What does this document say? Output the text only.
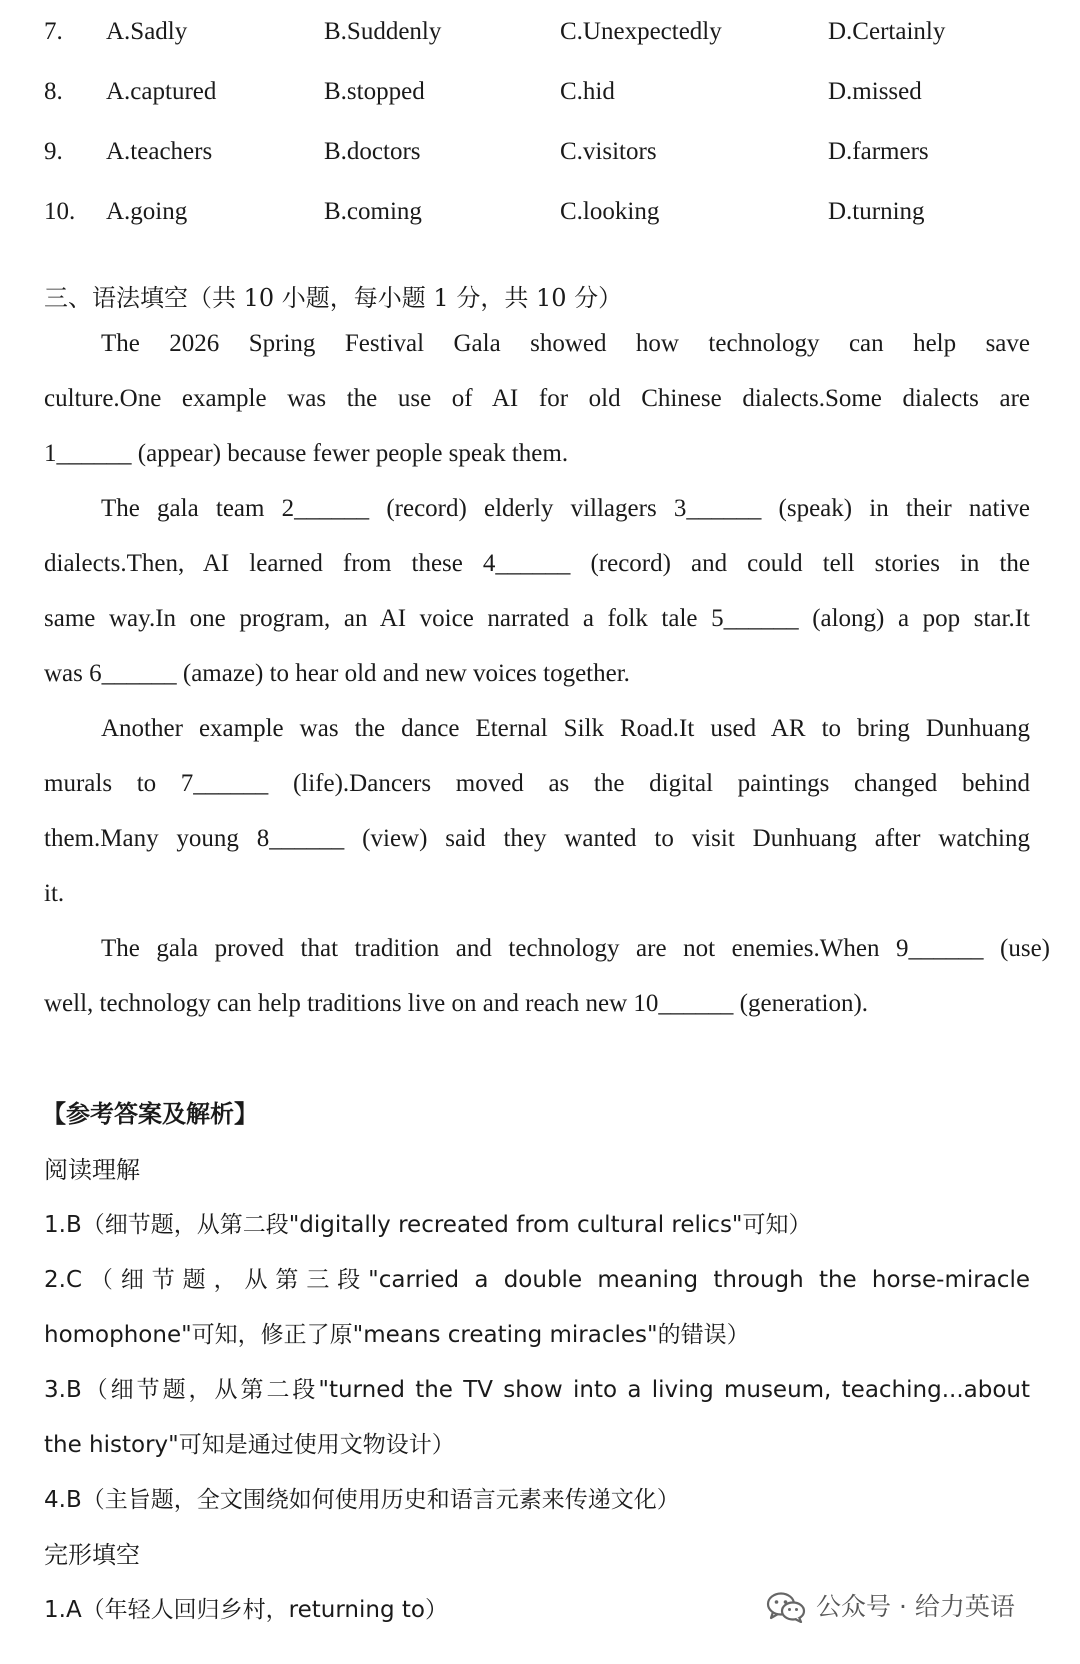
7. A.Sadly	B.Suddenly	C.Unexpectedly	D.Certainly
8. A.captured	B.stopped	C.hid	D.missed
9. A.teachers	B.doctors	C.visitors	D.farmers
10. A.going	B.coming	C.looking	D.turning
三、语法填空（共 10 小题，每小题 1 分，共 10 分）
The 2026 Spring Festival Gala showed how technology can help save
culture.One example was the use of AI for old Chinese dialects.Some dialects are
1______ (appear) because fewer people speak them.
The gala team 2______ (record) elderly villagers 3______ (speak) in their native
dialects.Then, AI learned from these 4______ (record) and could tell stories in the
same way.In one program, an AI voice narrated a folk tale 5______ (along) a pop star.It
was 6______ (amaze) to hear old and new voices together.
Another example was the dance Eternal Silk Road.It used AR to bring Dunhuang
murals to 7______ (life).Dancers moved as the digital paintings changed behind
them.Many young 8______ (view) said they wanted to visit Dunhuang after watching
it.
The gala proved that tradition and technology are not enemies.When 9______ (use)
well, technology can help traditions live on and reach new 10______ (generation).
【参考答案及解析】
阅读理解
1.B（细节题，从第二段"digitally recreated from cultural relics"可知）
2.C（细节题，从第三段"carried a double meaning through the horse-miracle
homophone"可知，修正了原"means creating miracles"的错误）
3.B（细节题，从第二段"turned the TV show into a living museum, teaching...about
the history"可知是通过使用文物设计）
4.B（主旨题，全文围绕如何使用历史和语言元素来传递文化）
完形填空
1.A（年轻人回归乡村，returning to）	公众号 · 给力英语
